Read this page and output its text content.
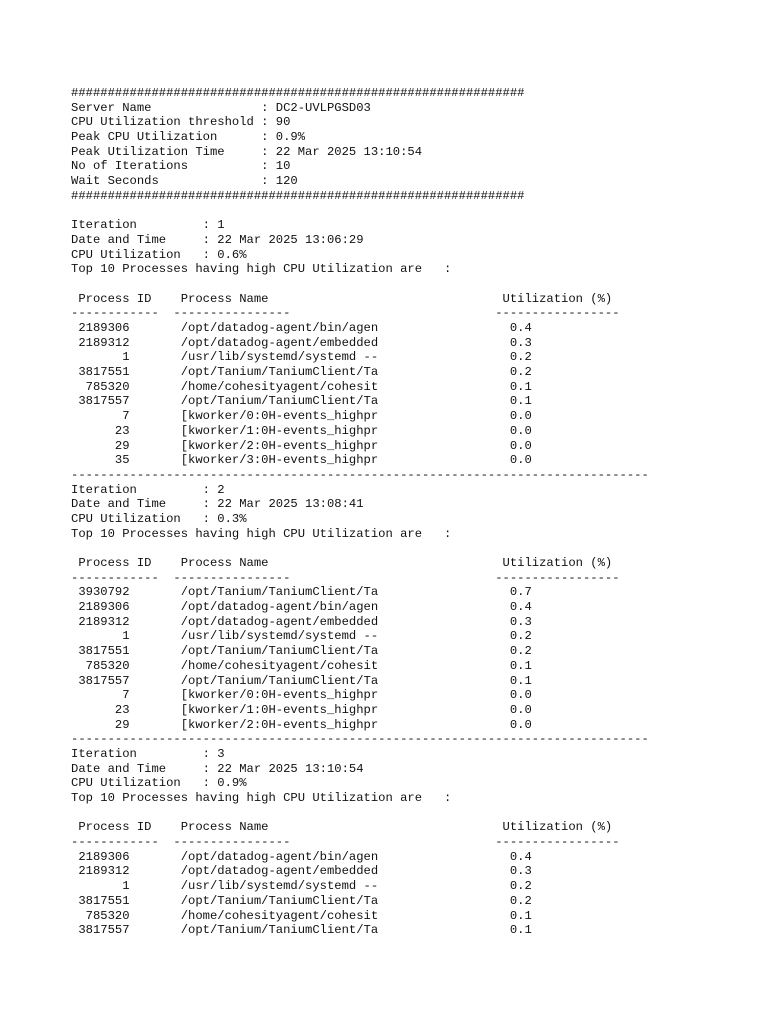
##############################################################
Server Name               : DC2-UVLPGSD03
CPU Utilization threshold : 90
Peak CPU Utilization      : 0.9%
Peak Utilization Time     : 22 Mar 2025 13:10:54
No of Iterations          : 10
Wait Seconds              : 120
##############################################################
Iteration         : 1
Date and Time     : 22 Mar 2025 13:06:29
CPU Utilization   : 0.6%
Top 10 Processes having high CPU Utilization are   :
Process ID    Process Name                                Utilization (%)
------------  ----------------                            -----------------
2189306       /opt/datadog-agent/bin/agen                  0.4
2189312       /opt/datadog-agent/embedded                  0.3
1       /usr/lib/systemd/systemd --                  0.2
3817551       /opt/Tanium/TaniumClient/Ta                  0.2
785320       /home/cohesityagent/cohesit                  0.1
3817557       /opt/Tanium/TaniumClient/Ta                  0.1
7       [kworker/0:0H-events_highpr                  0.0
23       [kworker/1:0H-events_highpr                  0.0
29       [kworker/2:0H-events_highpr                  0.0
35       [kworker/3:0H-events_highpr                  0.0
-------------------------------------------------------------------------------
Iteration         : 2
Date and Time     : 22 Mar 2025 13:08:41
CPU Utilization   : 0.3%
Top 10 Processes having high CPU Utilization are   :
Process ID    Process Name                                Utilization (%)
------------  ----------------                            -----------------
3930792       /opt/Tanium/TaniumClient/Ta                  0.7
2189306       /opt/datadog-agent/bin/agen                  0.4
2189312       /opt/datadog-agent/embedded                  0.3
1       /usr/lib/systemd/systemd --                  0.2
3817551       /opt/Tanium/TaniumClient/Ta                  0.2
785320       /home/cohesityagent/cohesit                  0.1
3817557       /opt/Tanium/TaniumClient/Ta                  0.1
7       [kworker/0:0H-events_highpr                  0.0
23       [kworker/1:0H-events_highpr                  0.0
29       [kworker/2:0H-events_highpr                  0.0
-------------------------------------------------------------------------------
Iteration         : 3
Date and Time     : 22 Mar 2025 13:10:54
CPU Utilization   : 0.9%
Top 10 Processes having high CPU Utilization are   :
Process ID    Process Name                                Utilization (%)
------------  ----------------                            -----------------
2189306       /opt/datadog-agent/bin/agen                  0.4
2189312       /opt/datadog-agent/embedded                  0.3
1       /usr/lib/systemd/systemd --                  0.2
3817551       /opt/Tanium/TaniumClient/Ta                  0.2
785320       /home/cohesityagent/cohesit                  0.1
3817557       /opt/Tanium/TaniumClient/Ta                  0.1
